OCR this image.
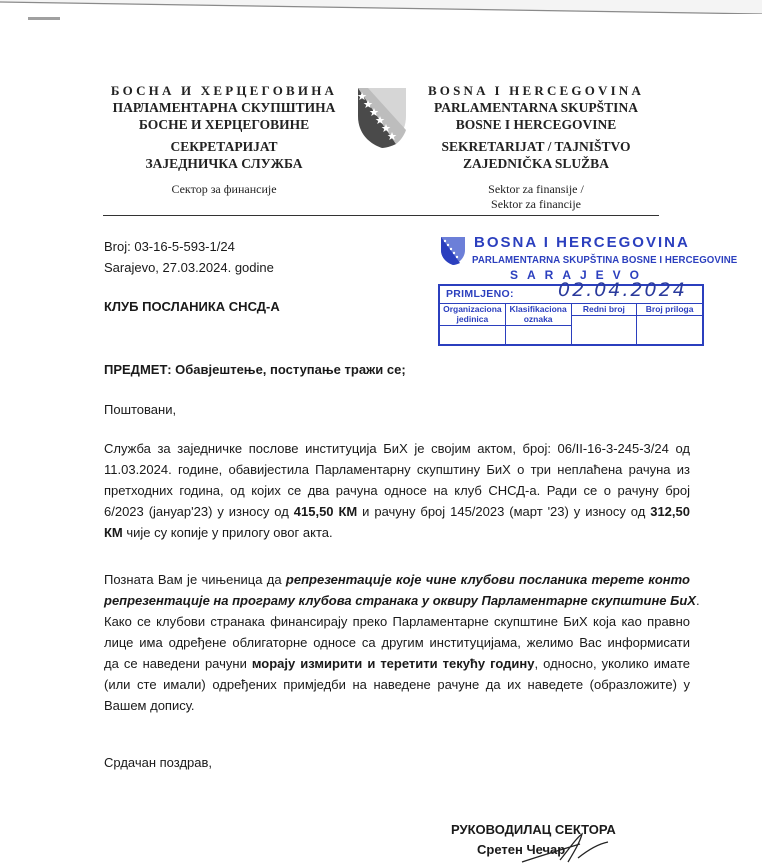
БОСНА И ХЕРЦЕГОВИНА
ПАРЛАМЕНТАРНА СКУПШТИНА
БОСНЕ И ХЕРЦЕГОВИНЕ
СЕКРЕТАРИЈАТ
ЗАЈЕДНИЧКА СЛУЖБА
Сектор за финансије
BOSNA I HERCEGOVINA
PARLAMENTARNA SKUPŠTINA
BOSNE I HERCEGOVINE
SEKRETARIJAT / TAJNIŠTVO
ZAJEDNIČKA SLUŽBA
Sektor za finansije /
Sektor za financije
Broj: 03-16-5-593-1/24
Sarajevo, 27.03.2024. godine
BOSNA I HERCEGOVINA
PARLAMENTARNA SKUPŠTINA BOSNE I HERCEGOVINE
SARAJEVO
PRIMLJENO: 02.04.2024
Organizaciona jedinica
Klasifikaciona oznaka
Redni broj	Broj priloga
КЛУБ ПОСЛАНИКА СНСД-А
ПРЕДМЕТ: Обавјештење, поступање тражи се;
Поштовани,
Служба за заједничке послове институција БиХ је својим актом, број: 06/II-16-3-245-3/24 од
11.03.2024. године, обавијестила Парламентарну скупштину БиХ о три неплаћена рачуна из
претходних година, од којих се два рачуна односе на клуб СНСД-а. Ради се о рачуну број
6/2023 (јануар'23) у износу од 415,50 КМ и рачуну број 145/2023 (март '23) у износу од 312,50
КМ чије су копије у прилогу овог акта.
Позната Вам је чињеница да репрезентације које чине клубови посланика терете конто
репрезентације на програму клубова странака у оквиру Парламентарне скупштине БиХ.
Како се клубови странака финансирају преко Парламентарне скупштине БиХ која као правно
лице има одређене облигаторне односе са другим институцијама, желимо Вас информисати
да се наведени рачуни морају измирити и теретити текућу годину, односно, уколико имате
(или сте имали) одређених примједби на наведене рачуне да их наведете (образложите) у
Вашем допису.
Срдачан поздрав,
РУКОВОДИЛАЦ СЕКТОРА
Сретен Чечар
